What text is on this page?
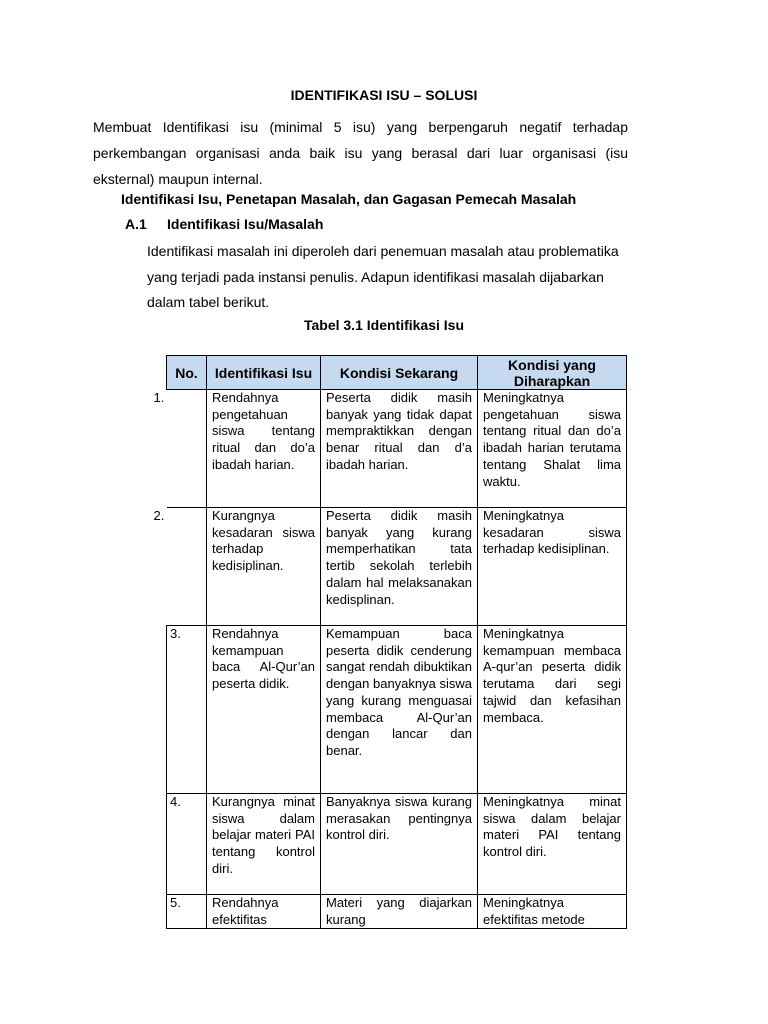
IDENTIFIKASI ISU – SOLUSI
Membuat Identifikasi isu (minimal 5 isu) yang berpengaruh negatif terhadap
perkembangan organisasi anda baik isu yang berasal dari luar organisasi (isu
eksternal) maupun internal.
Identifikasi Isu, Penetapan Masalah, dan Gagasan Pemecah Masalah
A.1 Identifikasi Isu/Masalah
Identifikasi masalah ini diperoleh dari penemuan masalah atau problematika
yang terjadi pada instansi penulis. Adapun identifikasi masalah dijabarkan
dalam tabel berikut.
Tabel 3.1 Identifikasi Isu
No.	Identifikasi Isu	Kondisi Sekarang	Kondisi yang Diharapkan
1.	Rendahnya pengetahuan siswa tentang ritual dan do’a ibadah harian.	Peserta didik masih banyak yang tidak dapat mempraktikkan dengan benar ritual dan d’a ibadah harian.	Meningkatnya pengetahuan siswa tentang ritual dan do’a ibadah harian terutama tentang Shalat lima waktu.
2.	Kurangnya kesadaran siswa terhadap kedisiplinan.	Peserta didik masih banyak yang kurang memperhatikan tata tertib sekolah terlebih dalam hal melaksanakan kedisplinan.	Meningkatnya kesadaran siswa terhadap kedisiplinan.
3.	Rendahnya kemampuan baca Al-Qur’an peserta didik.	Kemampuan baca peserta didik cenderung sangat rendah dibuktikan dengan banyaknya siswa yang kurang menguasai membaca Al-Qur’an dengan lancar dan benar.	Meningkatnya kemampuan membaca A-qur’an peserta didik terutama dari segi tajwid dan kefasihan membaca.
4.	Kurangnya minat siswa dalam belajar materi PAI tentang kontrol diri.	Banyaknya siswa kurang merasakan pentingnya kontrol diri.	Meningkatnya minat siswa dalam belajar materi PAI tentang kontrol diri.
5.	Rendahnya efektifitas	Materi yang diajarkan kurang	Meningkatnya efektifitas metode
